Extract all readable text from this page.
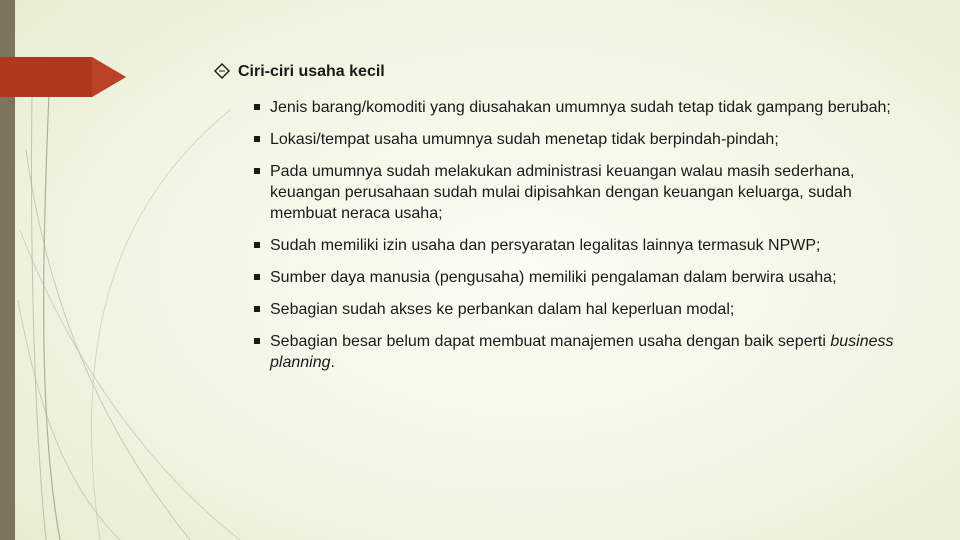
Ciri-ciri usaha kecil
Jenis barang/komoditi yang diusahakan umumnya sudah tetap tidak gampang berubah;
Lokasi/tempat usaha umumnya sudah menetap tidak berpindah-pindah;
Pada umumnya sudah melakukan administrasi keuangan walau masih sederhana, keuangan perusahaan sudah mulai dipisahkan dengan keuangan keluarga, sudah membuat neraca usaha;
Sudah memiliki izin usaha dan persyaratan legalitas lainnya termasuk NPWP;
Sumber daya manusia (pengusaha) memiliki pengalaman dalam berwira usaha;
Sebagian sudah akses ke perbankan dalam hal keperluan modal;
Sebagian besar belum dapat membuat manajemen usaha dengan baik seperti business planning.
